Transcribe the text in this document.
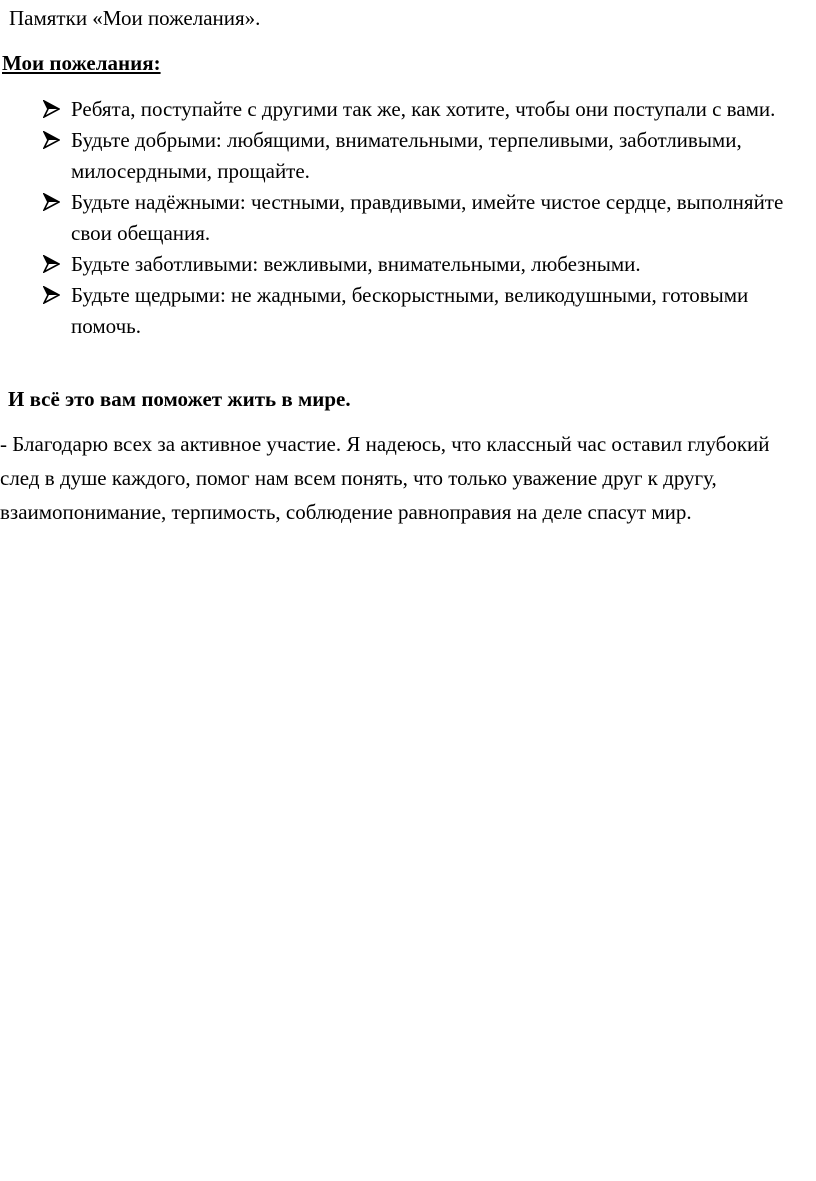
Памятки «Мои пожелания».
Мои пожелания:
Ребята, поступайте с другими так же, как хотите, чтобы они поступали с вами.
Будьте добрыми: любящими, внимательными, терпеливыми, заботливыми, милосердными, прощайте.
Будьте надёжными: честными, правдивыми, имейте чистое сердце, выполняйте свои обещания.
Будьте заботливыми: вежливыми, внимательными, любезными.
Будьте щедрыми: не жадными, бескорыстными, великодушными, готовыми помочь.
И всё это вам поможет жить в мире.

- Благодарю всех за активное участие. Я надеюсь, что классный час оставил глубокий след в душе каждого, помог нам всем понять, что только уважение друг к другу, взаимопонимание, терпимость, соблюдение равноправия на деле спасут мир.
